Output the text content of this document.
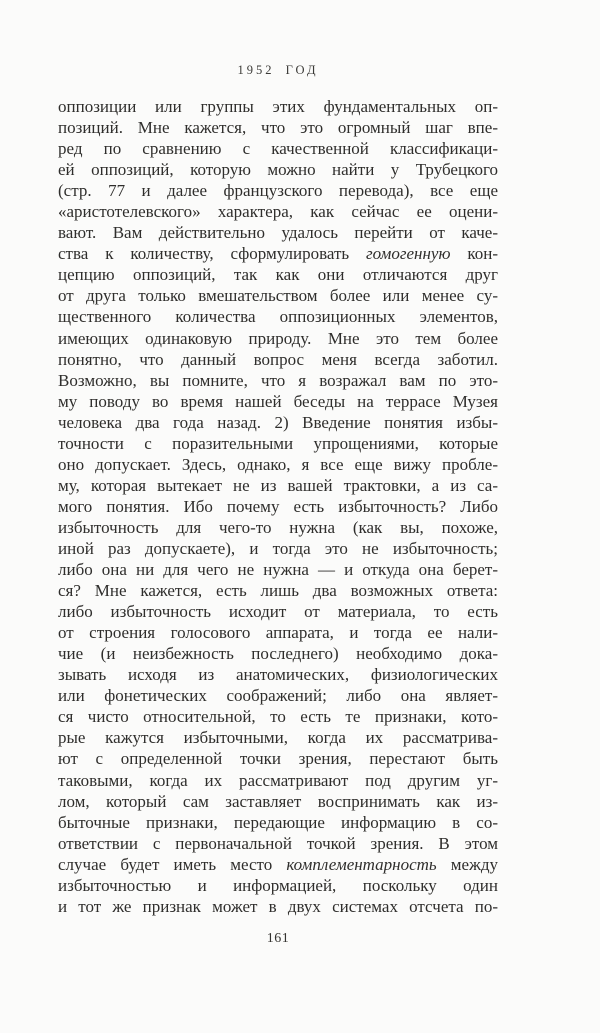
1952 ГОД
оппозиции или группы этих фундаментальных оп-
позиций. Мне кажется, что это огромный шаг впе-
ред по сравнению с качественной классификаци-
ей оппозиций, которую можно найти у Трубецкого
(стр. 77 и далее французского перевода), все еще
«аристотелевского» характера, как сейчас ее оцени-
вают. Вам действительно удалось перейти от каче-
ства к количеству, сформулировать гомогенную кон-
цепцию оппозиций, так как они отличаются друг
от друга только вмешательством более или менее су-
щественного количества оппозиционных элементов,
имеющих одинаковую природу. Мне это тем более
понятно, что данный вопрос меня всегда заботил.
Возможно, вы помните, что я возражал вам по это-
му поводу во время нашей беседы на террасе Музея
человека два года назад. 2) Введение понятия избы-
точности с поразительными упрощениями, которые
оно допускает. Здесь, однако, я все еще вижу пробле-
му, которая вытекает не из вашей трактовки, а из са-
мого понятия. Ибо почему есть избыточность? Либо
избыточность для чего-то нужна (как вы, похоже,
иной раз допускаете), и тогда это не избыточность;
либо она ни для чего не нужна — и откуда она берет-
ся? Мне кажется, есть лишь два возможных ответа:
либо избыточность исходит от материала, то есть
от строения голосового аппарата, и тогда ее нали-
чие (и неизбежность последнего) необходимо дока-
зывать исходя из анатомических, физиологических
или фонетических соображений; либо она являет-
ся чисто относительной, то есть те признаки, кото-
рые кажутся избыточными, когда их рассматрива-
ют с определенной точки зрения, перестают быть
таковыми, когда их рассматривают под другим уг-
лом, который сам заставляет воспринимать как из-
быточные признаки, передающие информацию в со-
ответствии с первоначальной точкой зрения. В этом
случае будет иметь место комплементарность между
избыточностью и информацией, поскольку один
и тот же признак может в двух системах отсчета по-
161
